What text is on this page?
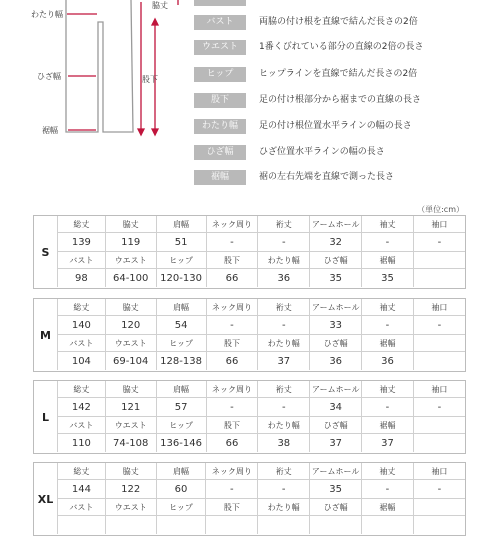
わたり幅
ひざ幅
裾幅
脇丈
股下
バスト	両脇の付け根を直線で結んだ長さの2倍
ウエスト	1番くびれている部分の直線の2倍の長さ
ヒップ	ヒップラインを直線で結んだ長さの2倍
股下	足の付け根部分から裾までの直線の長さ
わたり幅	足の付け根位置水平ラインの幅の長さ
ひざ幅	ひざ位置水平ラインの幅の長さ
裾幅	裾の左右先端を直線で測った長さ
（単位:cm）
S
総丈	脇丈	肩幅	ネック周り	裄丈	アームホール	袖丈	袖口
139	119	51	-	-	32	-	-
バスト	ウエスト	ヒップ	股下	わたり幅	ひざ幅	裾幅	
98	64-100	120-130	66	36	35	35	
M
総丈	脇丈	肩幅	ネック周り	裄丈	アームホール	袖丈	袖口
140	120	54	-	-	33	-	-
バスト	ウエスト	ヒップ	股下	わたり幅	ひざ幅	裾幅	
104	69-104	128-138	66	37	36	36	
L
総丈	脇丈	肩幅	ネック周り	裄丈	アームホール	袖丈	袖口
142	121	57	-	-	34	-	-
バスト	ウエスト	ヒップ	股下	わたり幅	ひざ幅	裾幅	
110	74-108	136-146	66	38	37	37	
XL
総丈	脇丈	肩幅	ネック周り	裄丈	アームホール	袖丈	袖口
144	122	60	-	-	35	-	-
バスト	ウエスト	ヒップ	股下	わたり幅	ひざ幅	裾幅	
